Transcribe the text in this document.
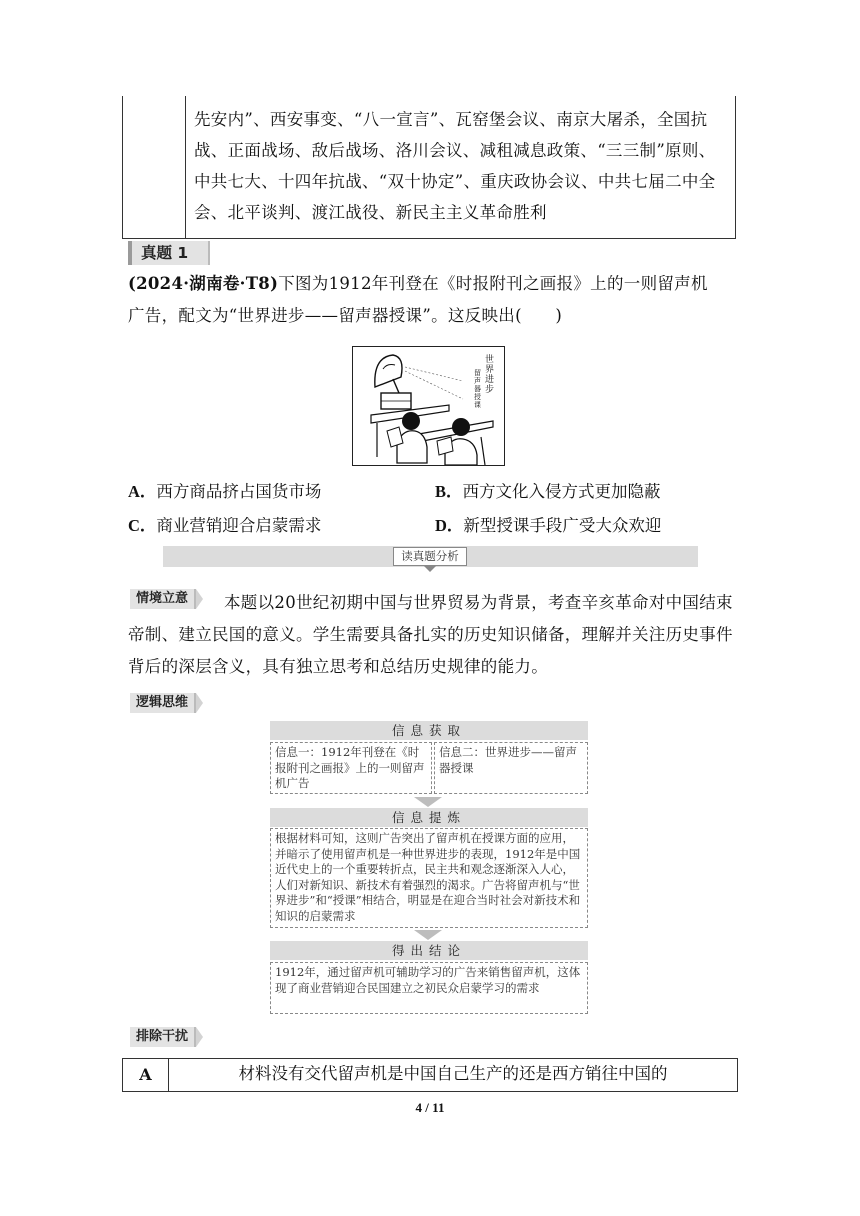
先安内”、西安事变、“八一宣言”、瓦窑堡会议、南京大屠杀，全国抗战、正面战场、敌后战场、洛川会议、减租减息政策、“三三制”原则、中共七大、十四年抗战、“双十协定”、重庆政协会议、中共七届二中全会、北平谈判、渡江战役、新民主主义革命胜利
真题 1
(2024·湖南卷·T8)下图为1912年刊登在《时报附刊之画报》上的一则留声机
广告，配文为“世界进步——留声器授课”。这反映出(　　)
世界进步
留声器授课
A．西方商品挤占国货市场	B．西方文化入侵方式更加隐蔽
C．商业营销迎合启蒙需求	D．新型授课手段广受大众欢迎
读真题分析
情境立意	本题以20世纪初期中国与世界贸易为背景，考查辛亥革命对中国结束帝制、建立民国的意义。学生需要具备扎实的历史知识储备，理解并关注历史事件背后的深层含义，具有独立思考和总结历史规律的能力。
逻辑思维
信息获取
信息一：1912年刊登在《时报附刊之画报》上的一则留声机广告
信息二：世界进步——留声器授课
信息提炼
根据材料可知，这则广告突出了留声机在授课方面的应用，并暗示了使用留声机是一种世界进步的表现，1912年是中国近代史上的一个重要转折点，民主共和观念逐渐深入人心，人们对新知识、新技术有着强烈的渴求。广告将留声机与“世界进步”和“授课”相结合，明显是在迎合当时社会对新技术和知识的启蒙需求
得出结论
1912年，通过留声机可辅助学习的广告来销售留声机，这体现了商业营销迎合民国建立之初民众启蒙学习的需求
排除干扰
A	材料没有交代留声机是中国自己生产的还是西方销往中国的
4 / 11
